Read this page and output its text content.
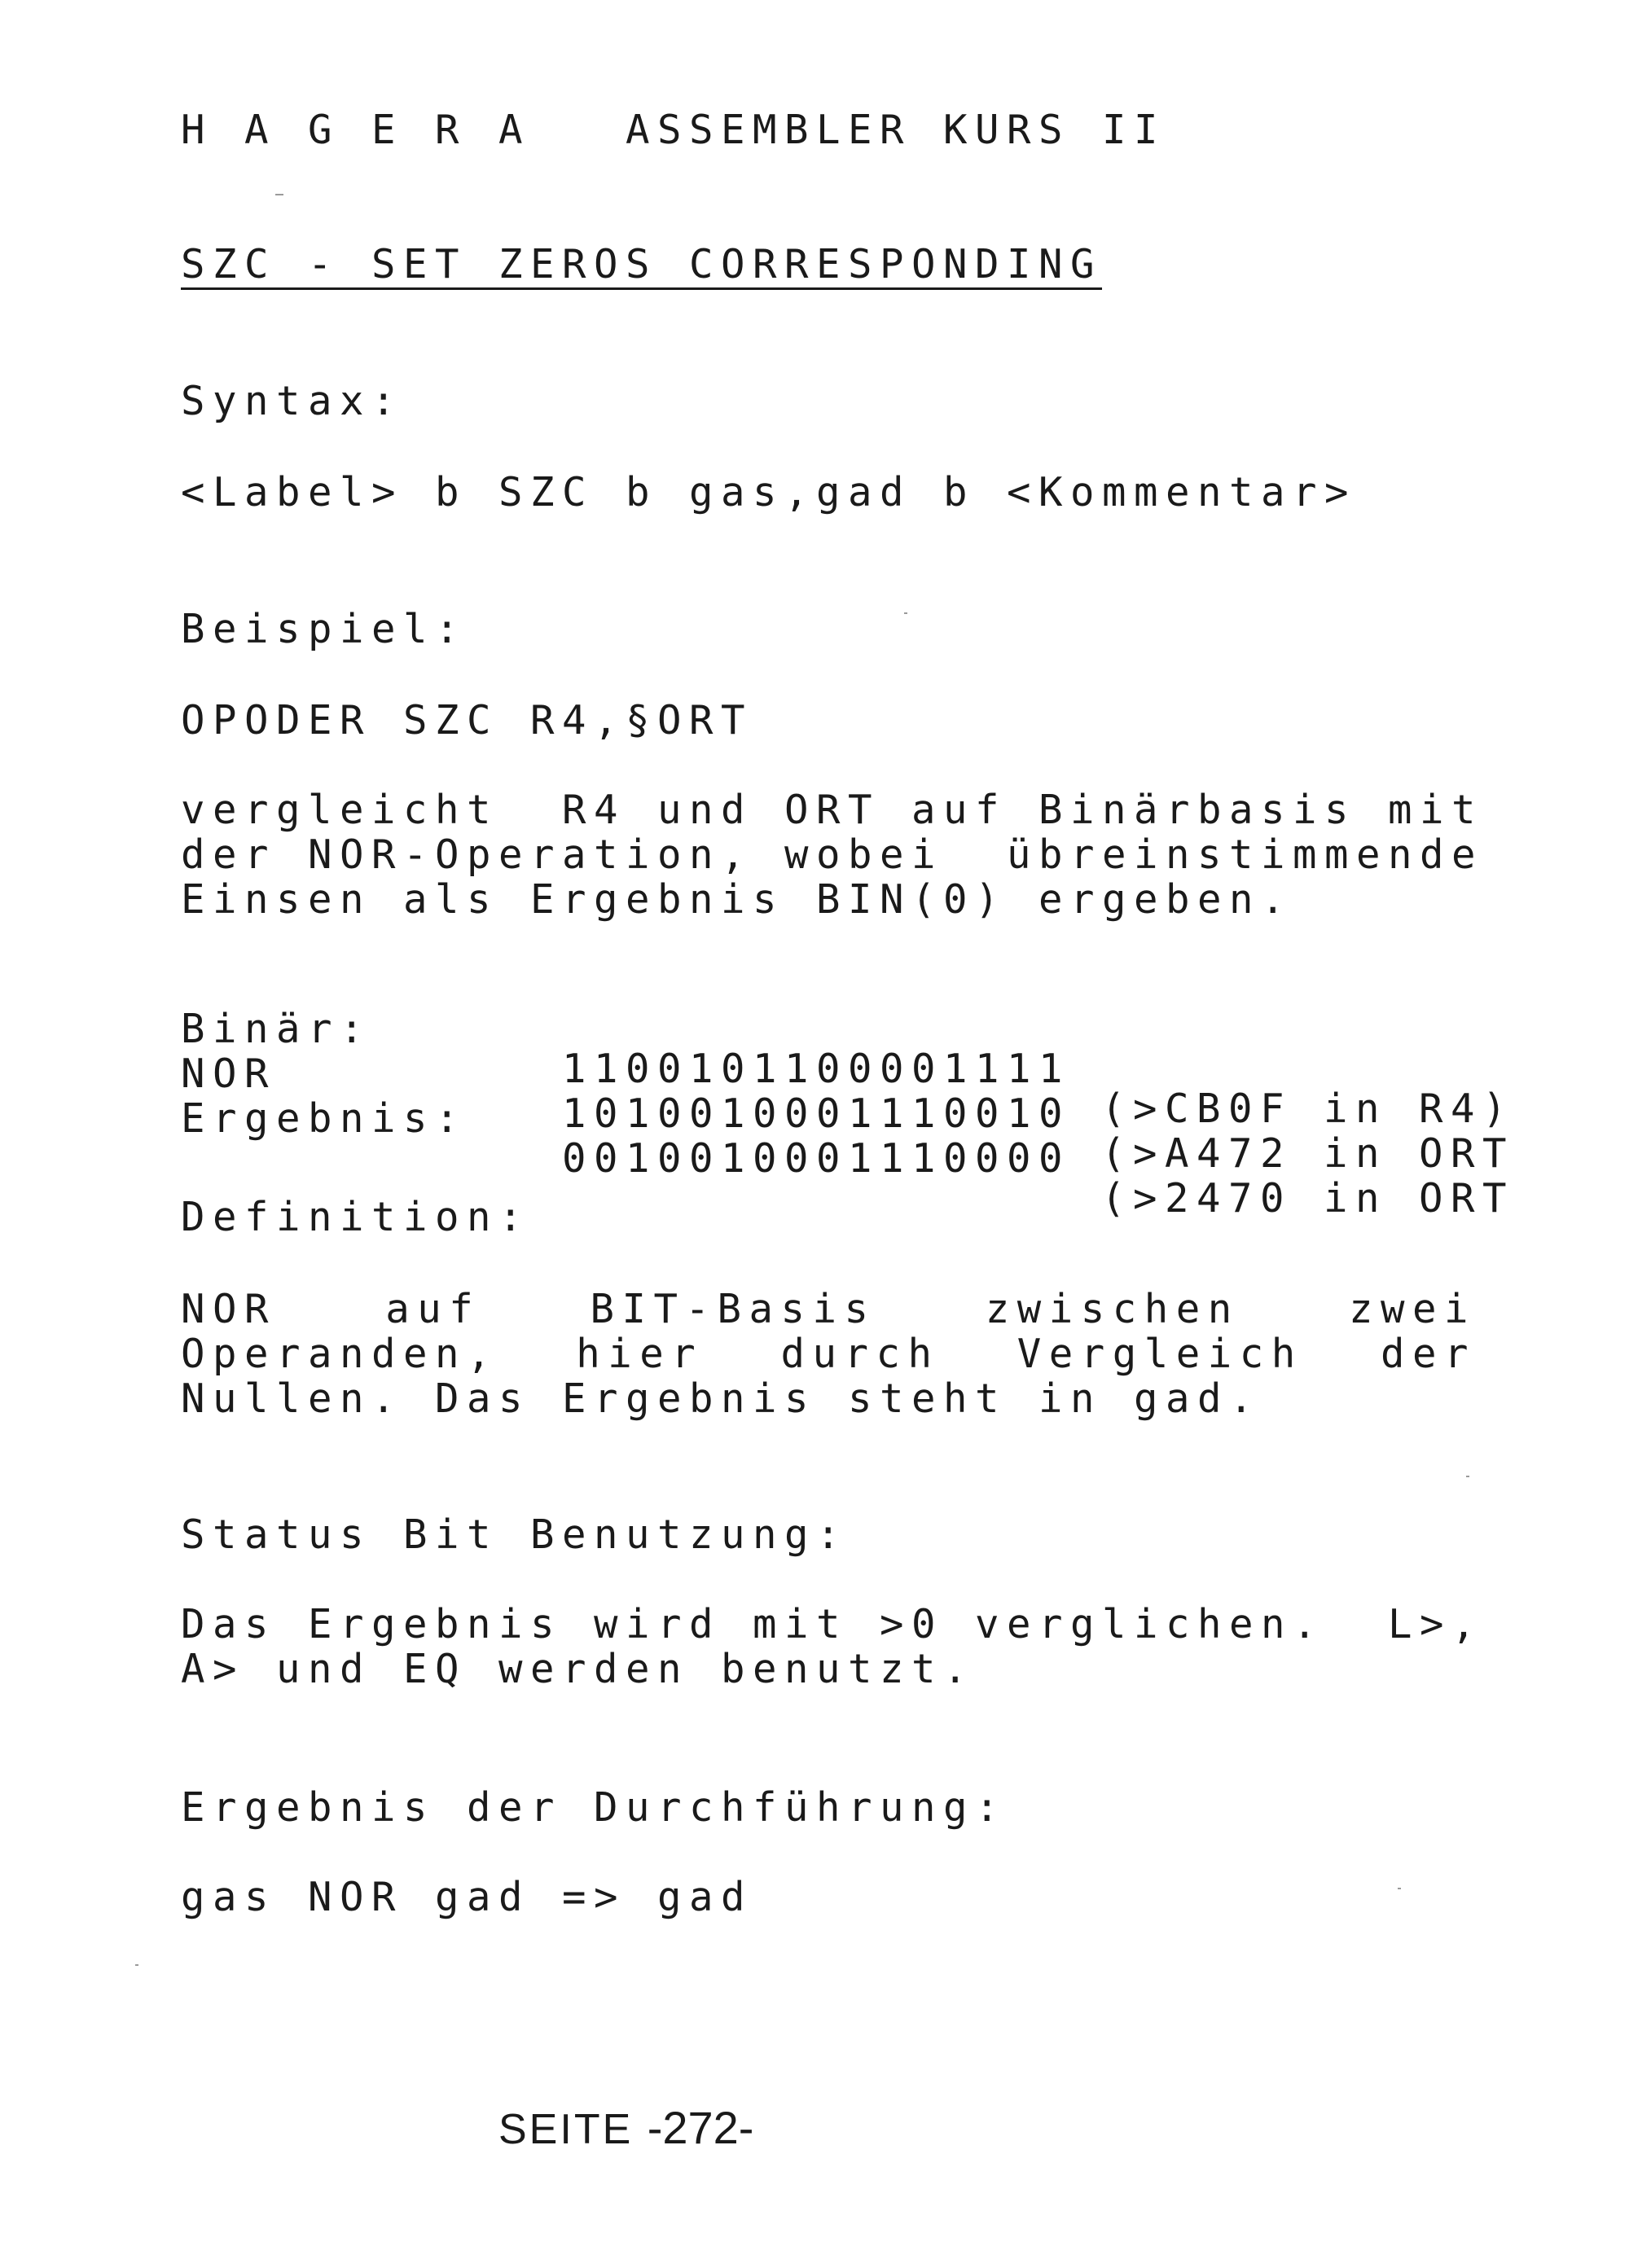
H A G E R A   ASSEMBLER KURS II
SZC - SET ZEROS CORRESPONDING
Syntax:
<Label> b SZC b gas,gad b <Kommentar>
Beispiel:
OPODER SZC R4,§ORT
vergleicht  R4 und ORT auf Binärbasis mit
der NOR-Operation, wobei  übreinstimmende
Einsen als Ergebnis BIN(0) ergeben.

Binär:

1100101100001111

(>CB0F in R4)

NOR

1010010001110010

(>A472 in ORT

Ergebnis:

0010010001110000

(>2470 in ORT

Definition:
NOR auf BIT-Basis zwischen zwei
Operanden, hier durch Vergleich der
Nullen. Das Ergebnis steht in gad.
Status Bit Benutzung:
Das Ergebnis wird mit >0 verglichen.  L>,
A> und EQ werden benutzt.
Ergebnis der Durchführung:
gas NOR gad => gad
SEITE -272-
